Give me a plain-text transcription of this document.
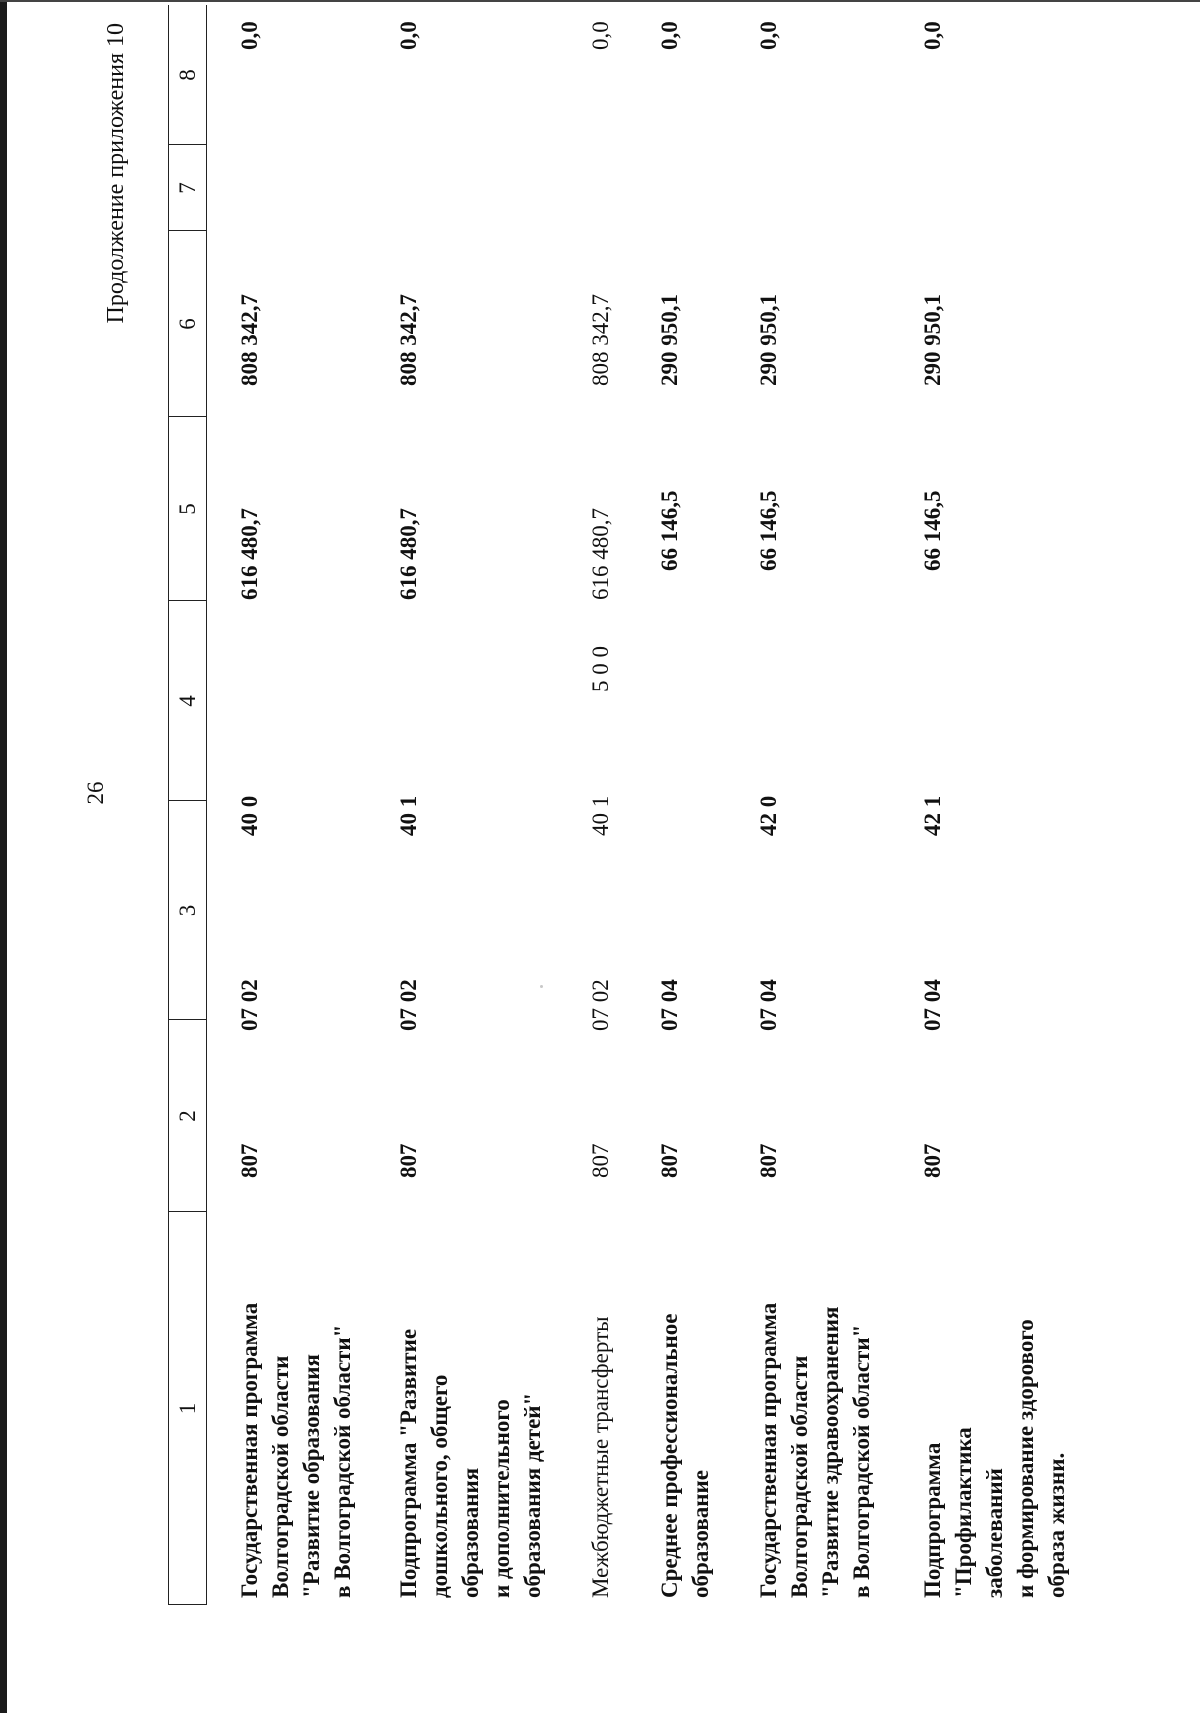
26
Продолжение приложения 10
1
2
3
4
5
6
7
8
Государственная программа Волгоградской области "Развитие образования в Волгоградской области"
807
07 02
40 0
616 480,7
808 342,7
0,0
Подпрограмма "Развитие дошкольного, общего образования и дополнительного образования детей"
807
07 02
40 1
616 480,7
808 342,7
0,0
Межбюджетные трансферты
807
07 02
40 1
5 0 0
616 480,7
808 342,7
0,0
Среднее профессиональное образование
807
07 04
66 146,5
290 950,1
0,0
Государственная программа Волгоградской области "Развитие здравоохранения в Волгоградской области"
807
07 04
42 0
66 146,5
290 950,1
0,0
Подпрограмма "Профилактика заболеваний и формирование здорового образа жизни.
807
07 04
42 1
66 146,5
290 950,1
0,0
